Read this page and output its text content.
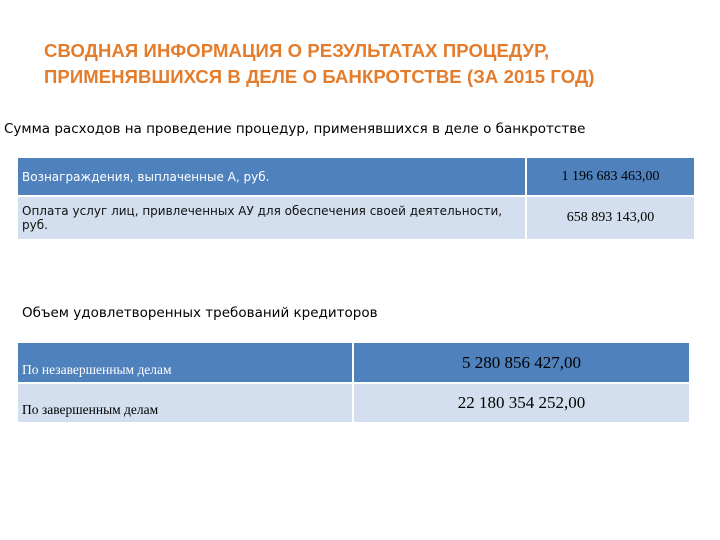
СВОДНАЯ ИНФОРМАЦИЯ О РЕЗУЛЬТАТАХ ПРОЦЕДУР,
ПРИМЕНЯВШИХСЯ В ДЕЛЕ О БАНКРОТСТВЕ (ЗА 2015 ГОД)
Сумма расходов на проведение процедур, применявшихся в деле о банкротстве
Вознаграждения, выплаченные А, руб.	1 196 683 463,00
Оплата услуг лиц, привлеченных АУ для обеспечения своей деятельности, руб.	658 893 143,00
Объем удовлетворенных требований кредиторов
По незавершенным делам	5 280 856 427,00
По завершенным делам	22 180 354 252,00
